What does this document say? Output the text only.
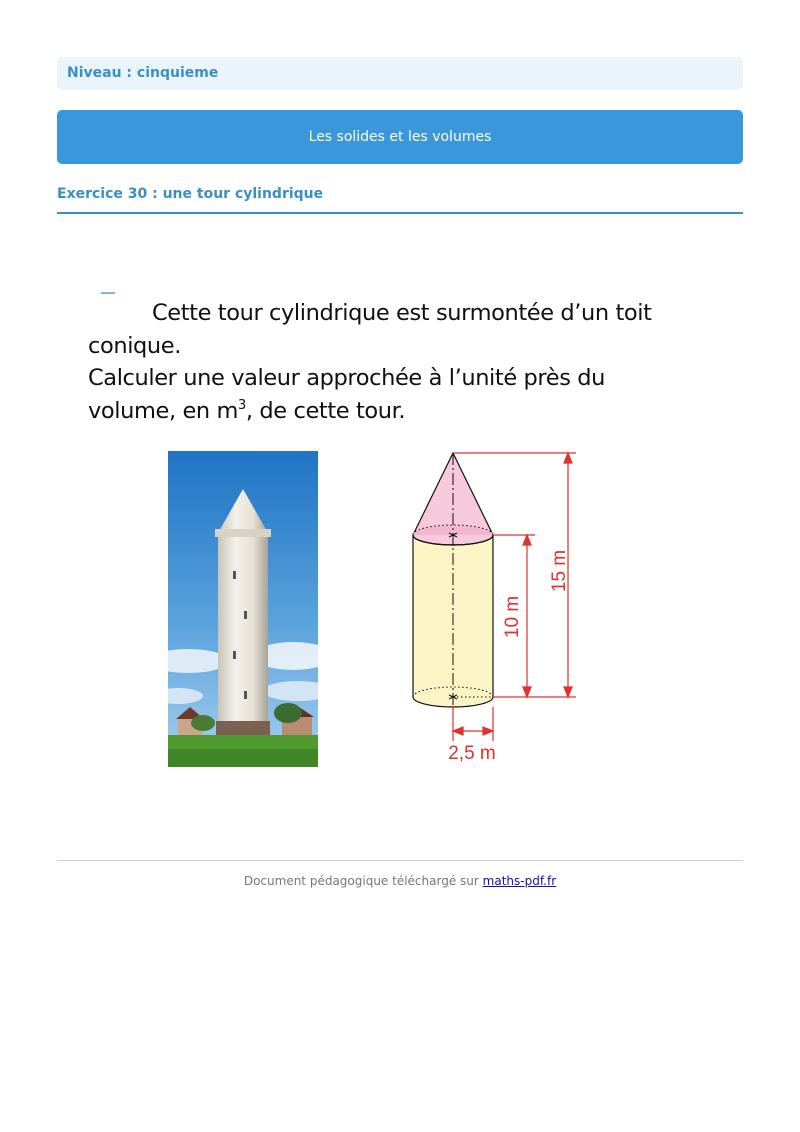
Niveau : cinquieme
Les solides et les volumes
Exercice 30 : une tour cylindrique
Cette tour cylindrique est surmontée d’un toit
conique.
Calculer une valeur approchée à l’unité près du
volume, en $m^3$, de cette tour.
15 m
10 m
2,5 m
Document pédagogique téléchargé sur maths-pdf.fr
